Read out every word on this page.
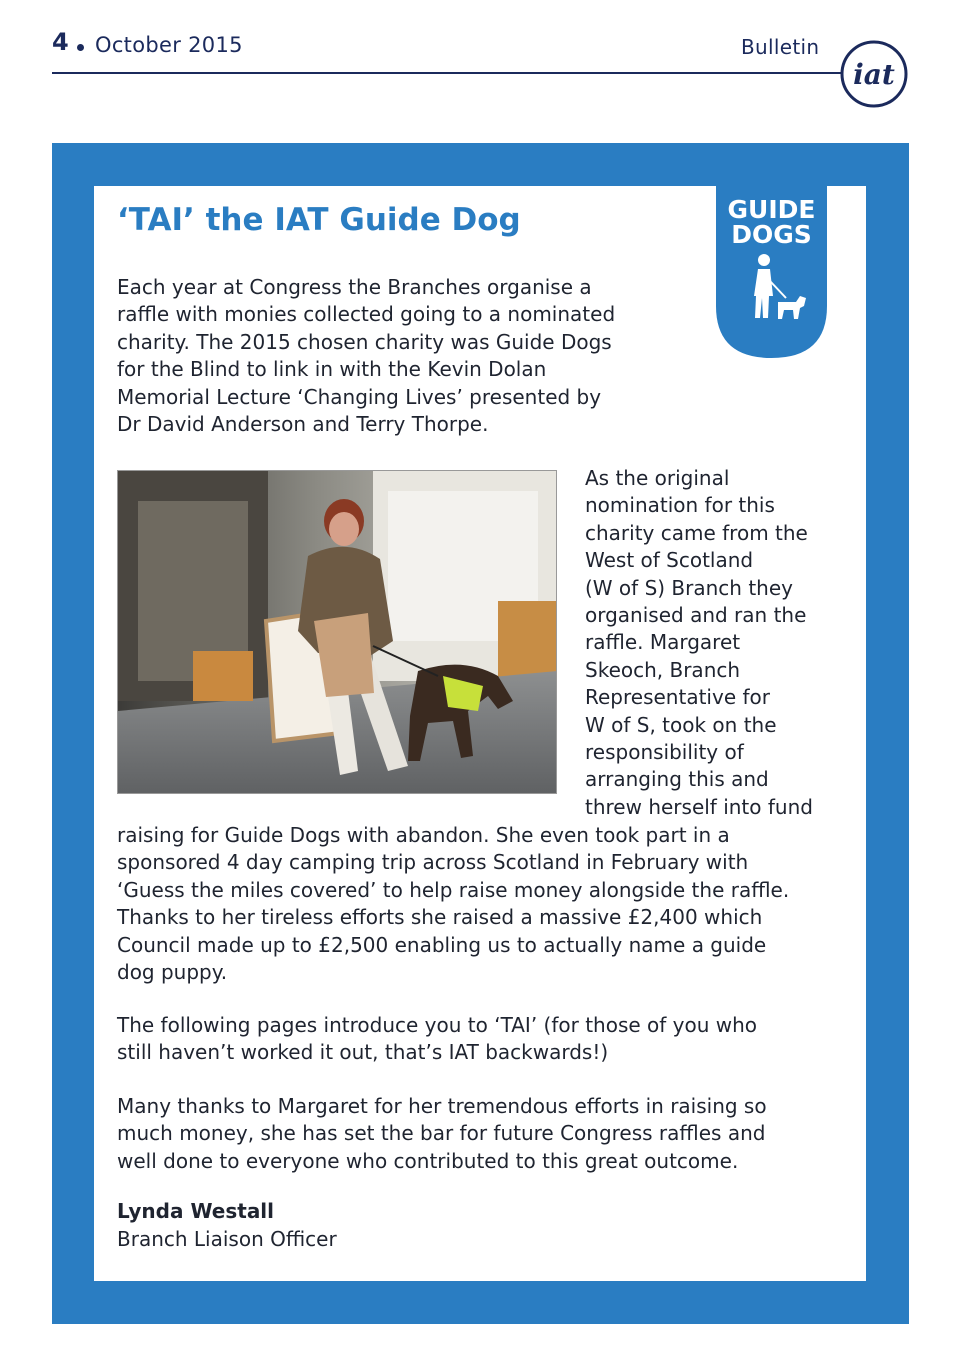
4 October 2015	Bulletin
iat
‘TAI’ the IAT Guide Dog	GUIDE
DOGS
Each year at Congress the Branches organise a
raffle with monies collected going to a nominated
charity. The 2015 chosen charity was Guide Dogs
for the Blind to link in with the Kevin Dolan
Memorial Lecture ‘Changing Lives’ presented by
Dr David Anderson and Terry Thorpe.
As the original
nomination for this
charity came from the
West of Scotland
(W of S) Branch they
organised and ran the
raffle. Margaret
Skeoch, Branch
Representative for
W of S, took on the
responsibility of
arranging this and
threw herself into fund
raising for Guide Dogs with abandon. She even took part in a
sponsored 4 day camping trip across Scotland in February with
‘Guess the miles covered’ to help raise money alongside the raffle.
Thanks to her tireless efforts she raised a massive £2,400 which
Council made up to £2,500 enabling us to actually name a guide
dog puppy.
The following pages introduce you to ‘TAI’ (for those of you who
still haven’t worked it out, that’s IAT backwards!)
Many thanks to Margaret for her tremendous efforts in raising so
much money, she has set the bar for future Congress raffles and
well done to everyone who contributed to this great outcome.
Lynda Westall
Branch Liaison Officer
